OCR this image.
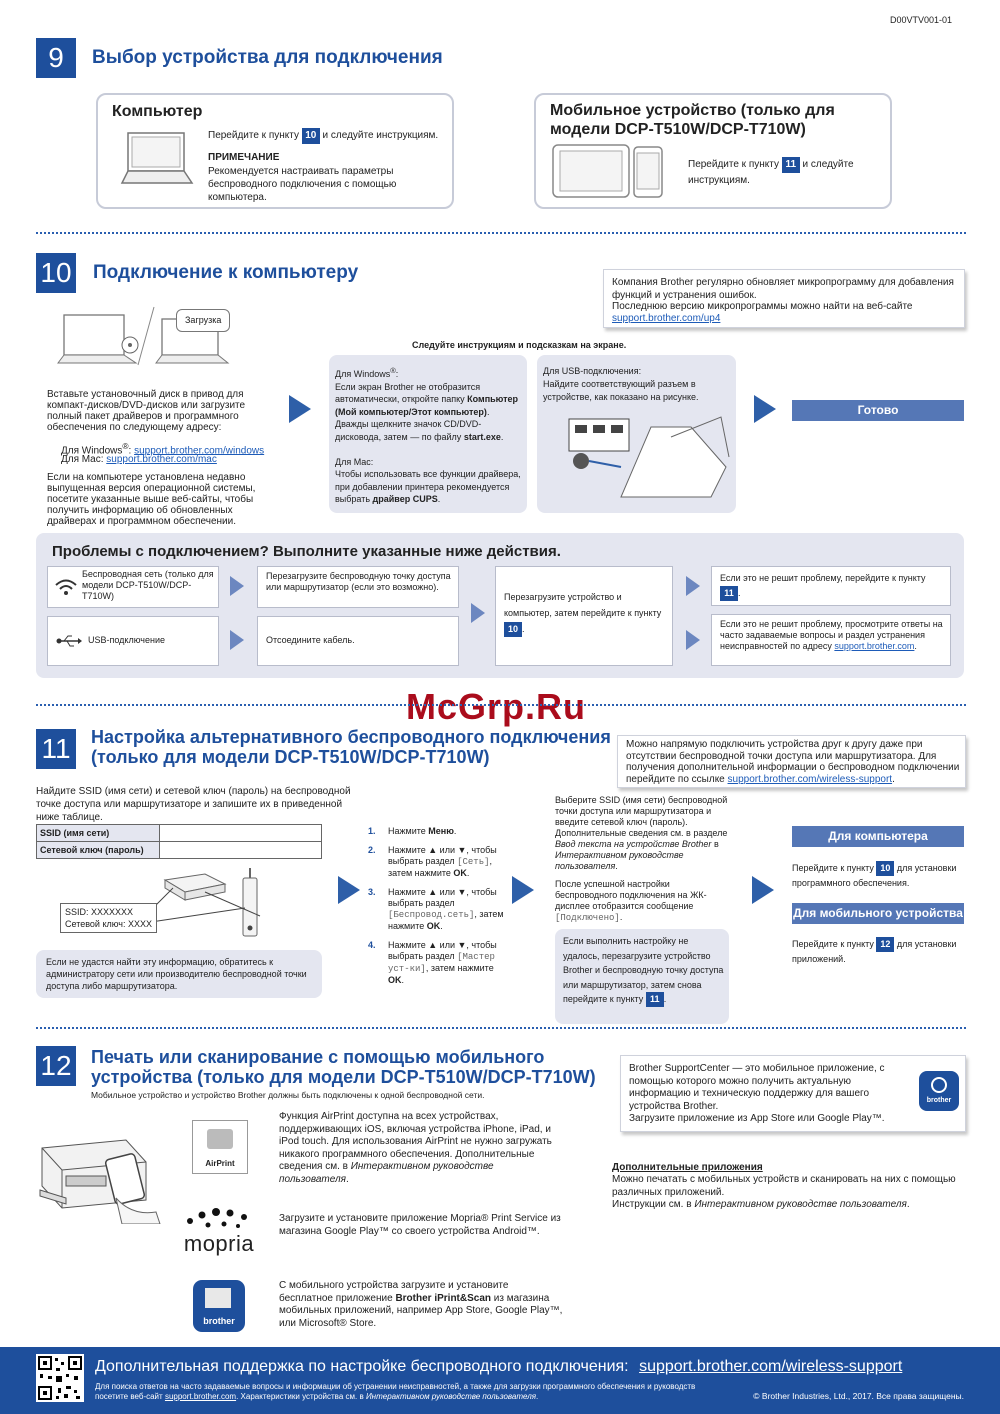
D00VTV001-01
9	Выбор устройства для подключения
Компьютер
Перейдите к пункту 10 и следуйте инструкциям.
ПРИМЕЧАНИЕ
Рекомендуется настраивать параметры беспроводного подключения с помощью компьютера.
Мобильное устройство (только для модели DCP-T510W/DCP-T710W)
Перейдите к пункту 11 и следуйте инструкциям.
10 Подключение к компьютеру	Компания Brother регулярно обновляет микропрограмму для добавления функций и устранения ошибок.
Последнюю версию микропрограммы можно найти на веб-сайте
support.brother.com/up4
Загрузка
Вставьте установочный диск в привод для компакт-дисков/DVD-дисков или загрузите полный пакет драйверов и программного обеспечения по следующему адресу:
Для Windows®: support.brother.com/windows
Для Mac: support.brother.com/mac
Если на компьютере установлена недавно выпущенная версия операционной системы, посетите указанные выше веб-сайты, чтобы получить информацию об обновленных драйверах и программном обеспечении.
Следуйте инструкциям и подсказкам на экране.
Для Windows®:
Если экран Brother не отобразится автоматически, откройте папку Компьютер (Мой компьютер/Этот компьютер). Дважды щелкните значок CD/DVD-дисковода, затем — по файлу start.exe.

Для Mac:
Чтобы использовать все функции драйвера, при добавлении принтера рекомендуется выбрать драйвер CUPS.
Для USB-подключения:
Найдите соответствующий разъем в устройстве, как показано на рисунке.
Готово
Проблемы с подключением? Выполните указанные ниже действия.
Беспроводная сеть (только для модели DCP-T510W/DCP-T710W)
Перезагрузите беспроводную точку доступа или маршрутизатор (если это возможно).
USB-подключение	Отсоедините кабель.
Перезагрузите устройство и компьютер, затем перейдите к пункту 10 .
Если это не решит проблему, перейдите к пункту 11 .
Если это не решит проблему, просмотрите ответы на часто задаваемые вопросы и раздел устранения неисправностей по адресу support.brother.com.
McGrp.Ru
11	Настройка альтернативного беспроводного подключения (только для модели DCP-T510W/DCP-T710W)
Можно напрямую подключить устройства друг к другу даже при отсутствии беспроводной точки доступа или маршрутизатора. Для получения дополнительной информации о беспроводном подключении перейдите по ссылке support.brother.com/wireless-support.
Найдите SSID (имя сети) и сетевой ключ (пароль) на беспроводной точке доступа или маршрутизаторе и запишите их в приведенной ниже таблице.
SSID (имя сети)	
Сетевой ключ (пароль)	
SSID: XXXXXXX
Сетевой ключ: XXXX
Если не удастся найти эту информацию, обратитесь к администратору сети или производителю беспроводной точки доступа либо маршрутизатора.
1. Нажмите Меню.
2. Нажмите ▲ или ▼, чтобы выбрать раздел [Сеть], затем нажмите OK.
3. Нажмите ▲ или ▼, чтобы выбрать раздел [Беспровод.сеть], затем нажмите OK.
4. Нажмите ▲ или ▼, чтобы выбрать раздел [Мастер уст-ки], затем нажмите OK.
Выберите SSID (имя сети) беспроводной точки доступа или маршрутизатора и введите сетевой ключ (пароль). Дополнительные сведения см. в разделе Ввод текста на устройстве Brother в Интерактивном руководстве пользователя.
После успешной настройки беспроводного подключения на ЖК-дисплее отобразится сообщение [Подключено].
Если выполнить настройку не удалось, перезагрузите устройство Brother и беспроводную точку доступа или маршрутизатор, затем снова перейдите к пункту 11 .
Для компьютера
Перейдите к пункту 10 для установки программного обеспечения.
Для мобильного устройства
Перейдите к пункту 12 для установки приложений.
12 Печать или сканирование с помощью мобильного устройства (только для модели DCP-T510W/DCP-T710W)
Мобильное устройство и устройство Brother должны быть подключены к одной беспроводной сети.
Brother SupportCenter — это мобильное приложение, с помощью которого можно получить актуальную информацию и техническую поддержку для вашего устройства Brother.
Загрузите приложение из App Store или Google Play™.
brother
AirPrint
Функция AirPrint доступна на всех устройствах, поддерживающих iOS, включая устройства iPhone, iPad, и iPod touch. Для использования AirPrint не нужно загружать никакого программного обеспечения. Дополнительные сведения см. в Интерактивном руководстве пользователя.
mopria
Загрузите и установите приложение Mopria® Print Service из магазина Google Play™ со своего устройства Android™.
brother
С мобильного устройства загрузите и установите бесплатное приложение Brother iPrint&Scan из магазина мобильных приложений, например App Store, Google Play™, или Microsoft® Store.
Дополнительные приложения
Можно печатать с мобильных устройств и сканировать на них с помощью различных приложений.
Инструкции см. в Интерактивном руководстве пользователя.
Дополнительная поддержка по настройке беспроводного подключения: support.brother.com/wireless-support
Для поиска ответов на часто задаваемые вопросы и информации об устранении неисправностей, а также для загрузки программного обеспечения и руководств посетите веб-сайт support.brother.com. Характеристики устройства см. в Интерактивном руководстве пользователя.	© Brother Industries, Ltd., 2017. Все права защищены.
